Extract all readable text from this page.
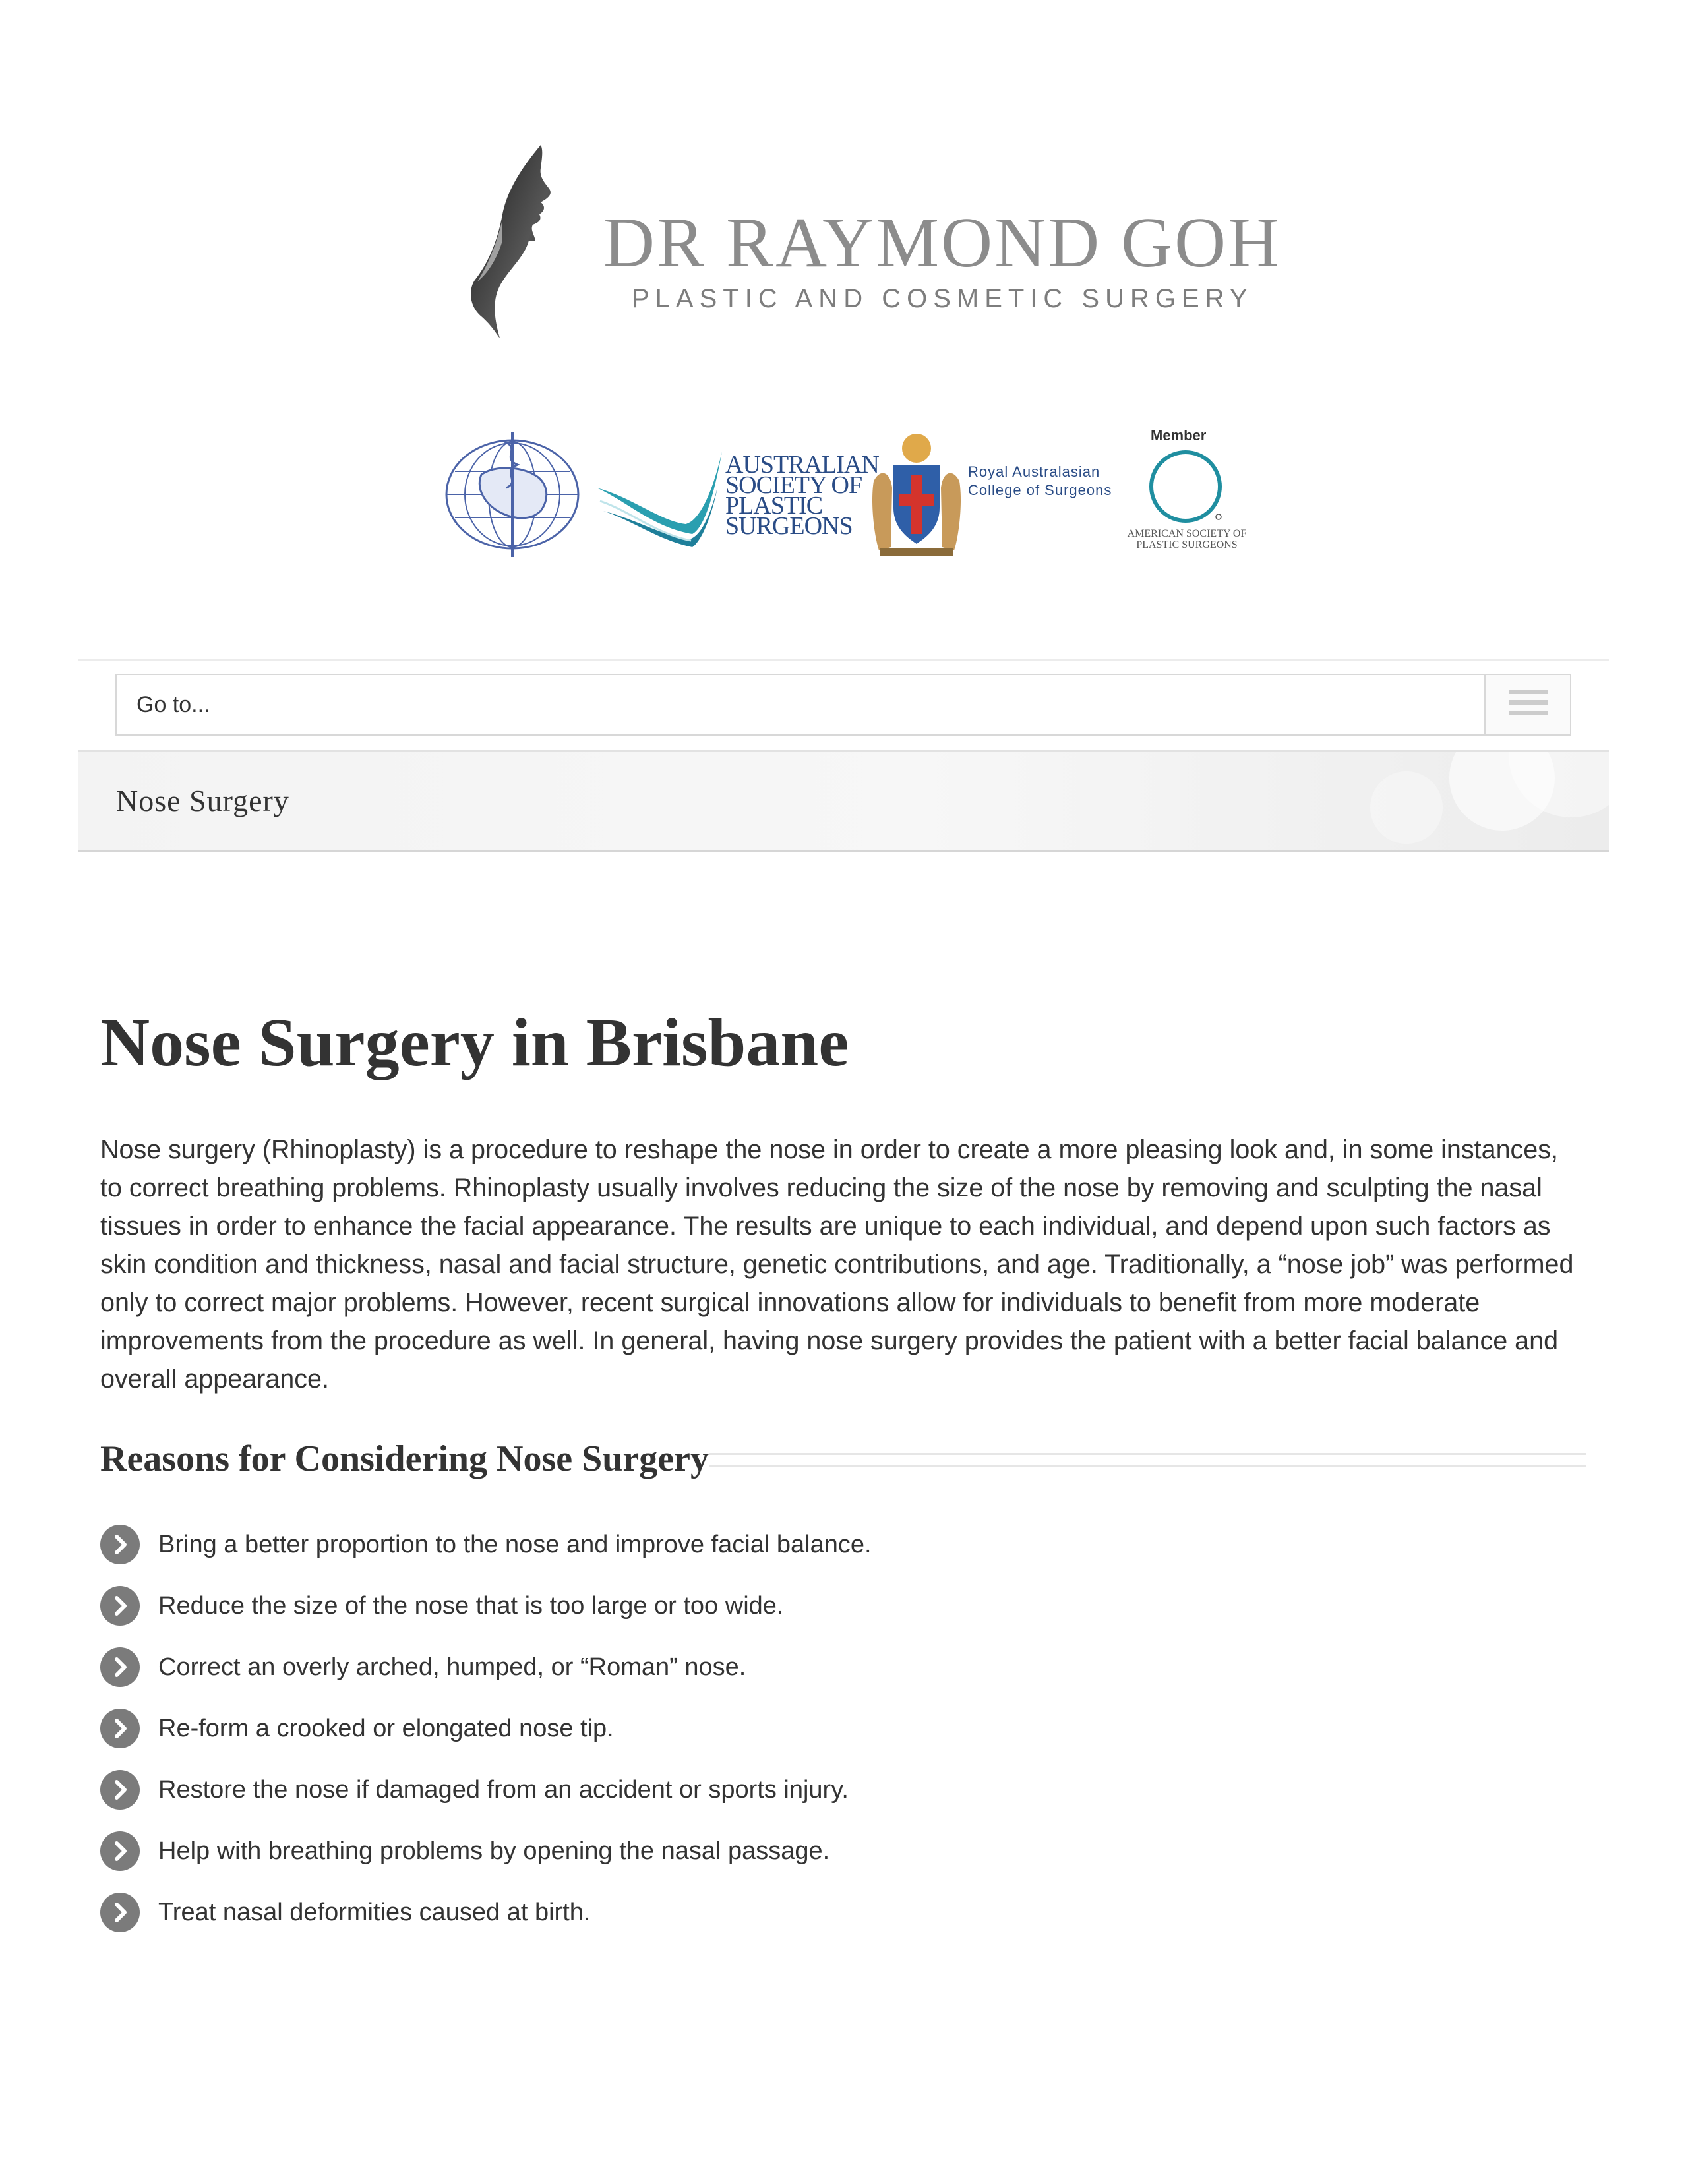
DR RAYMOND GOH
PLASTIC AND COSMETIC SURGERY
AUSTRALIAN
SOCIETY OF
PLASTIC
SURGEONS
Royal Australasian
College of Surgeons
Member
AMERICAN SOCIETY OF
PLASTIC SURGEONS
Go to...
Nose Surgery
Nose Surgery in Brisbane

Nose surgery (Rhinoplasty) is a procedure to reshape the nose in order to create a more pleasing look and, in some instances, to correct breathing problems. Rhinoplasty usually involves reducing the size of the nose by removing and sculpting the nasal tissues in order to enhance the facial appearance. The results are unique to each individual, and depend upon such factors as skin condition and thickness, nasal and facial structure, genetic contributions, and age. Traditionally, a “nose job” was performed only to correct major problems. However, recent surgical innovations allow for individuals to benefit from more moderate improvements from the procedure as well. In general, having nose surgery provides the patient with a better facial balance and overall appearance.

Reasons for Considering Nose Surgery
Bring a better proportion to the nose and improve facial balance.
Reduce the size of the nose that is too large or too wide.
Correct an overly arched, humped, or “Roman” nose.
Re-form a crooked or elongated nose tip.
Restore the nose if damaged from an accident or sports injury.
Help with breathing problems by opening the nasal passage.
Treat nasal deformities caused at birth.
